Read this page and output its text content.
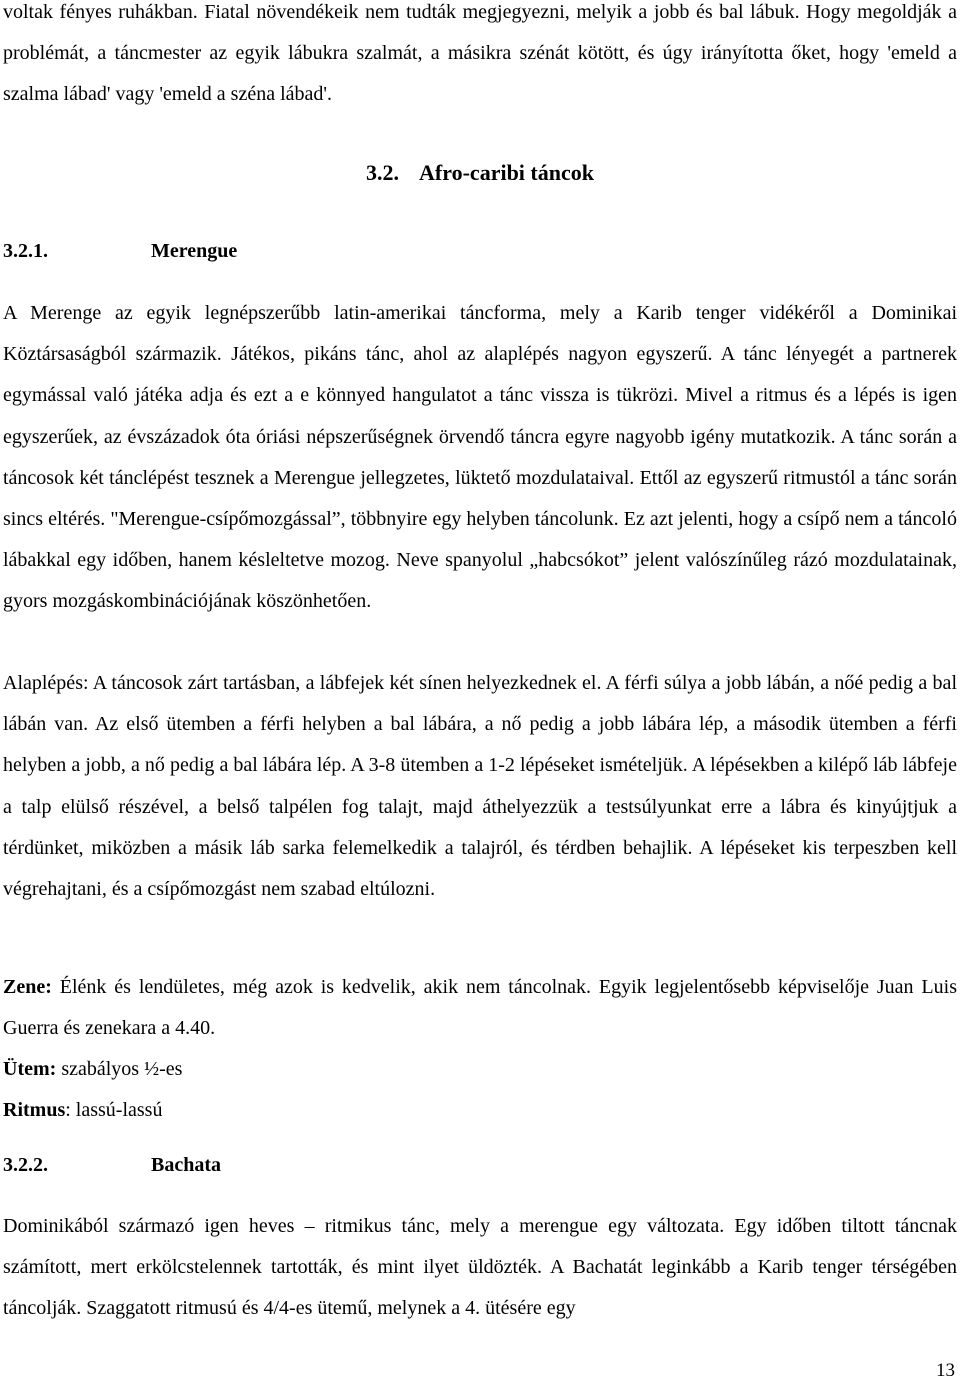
voltak fényes ruhákban. Fiatal növendékeik nem tudták megjegyezni, melyik a jobb és bal lábuk. Hogy megoldják a problémát, a táncmester az egyik lábukra szalmát, a másikra szénát kötött, és úgy irányította őket, hogy 'emeld a szalma lábad' vagy 'emeld a széna lábad'.

3.2. Afro-caribi táncok
3.2.1.	Merengue

A Merenge az egyik legnépszerűbb latin-amerikai táncforma, mely a Karib tenger vidékéről a Dominikai Köztársaságból származik. Játékos, pikáns tánc, ahol az alaplépés nagyon egyszerű. A tánc lényegét a partnerek egymással való játéka adja és ezt a e könnyed hangulatot a tánc vissza is tükrözi. Mivel a ritmus és a lépés is igen egyszerűek, az évszázadok óta óriási népszerűségnek örvendő táncra egyre nagyobb igény mutatkozik. A tánc során a táncosok két tánclépést tesznek a Merengue jellegzetes, lüktető mozdulataival. Ettől az egyszerű ritmustól a tánc során sincs eltérés. "Merengue-csípőmozgással”, többnyire egy helyben táncolunk. Ez azt jelenti, hogy a csípő nem a táncoló lábakkal egy időben, hanem késleltetve mozog. Neve spanyolul „habcsókot” jelent valószínűleg rázó mozdulatainak, gyors mozgáskombinációjának köszönhetően.

Alaplépés: A táncosok zárt tartásban, a lábfejek két sínen helyezkednek el. A férfi súlya a jobb lábán, a nőé pedig a bal lábán van. Az első ütemben a férfi helyben a bal lábára, a nő pedig a jobb lábára lép, a második ütemben a férfi helyben a jobb, a nő pedig a bal lábára lép. A 3-8 ütemben a 1-2 lépéseket ismételjük. A lépésekben a kilépő láb lábfeje a talp elülső részével, a belső talpélen fog talajt, majd áthelyezzük a testsúlyunkat erre a lábra és kinyújtjuk a térdünket, miközben a másik láb sarka felemelkedik a talajról, és térdben behajlik. A lépéseket kis terpeszben kell végrehajtani, és a csípőmozgást nem szabad eltúlozni.

Zene: Élénk és lendületes, még azok is kedvelik, akik nem táncolnak. Egyik legjelentősebb képviselője Juan Luis Guerra és zenekara a 4.40.

Ütem: szabályos ½-es

Ritmus: lassú-lassú

3.2.2.	Bachata

Dominikából származó igen heves – ritmikus tánc, mely a merengue egy változata. Egy időben tiltott táncnak számított, mert erkölcstelennek tartották, és mint ilyet üldözték. A Bachatát leginkább a Karib tenger térségében táncolják. Szaggatott ritmusú és 4/4-es ütemű, melynek a 4. ütésére egy

13
